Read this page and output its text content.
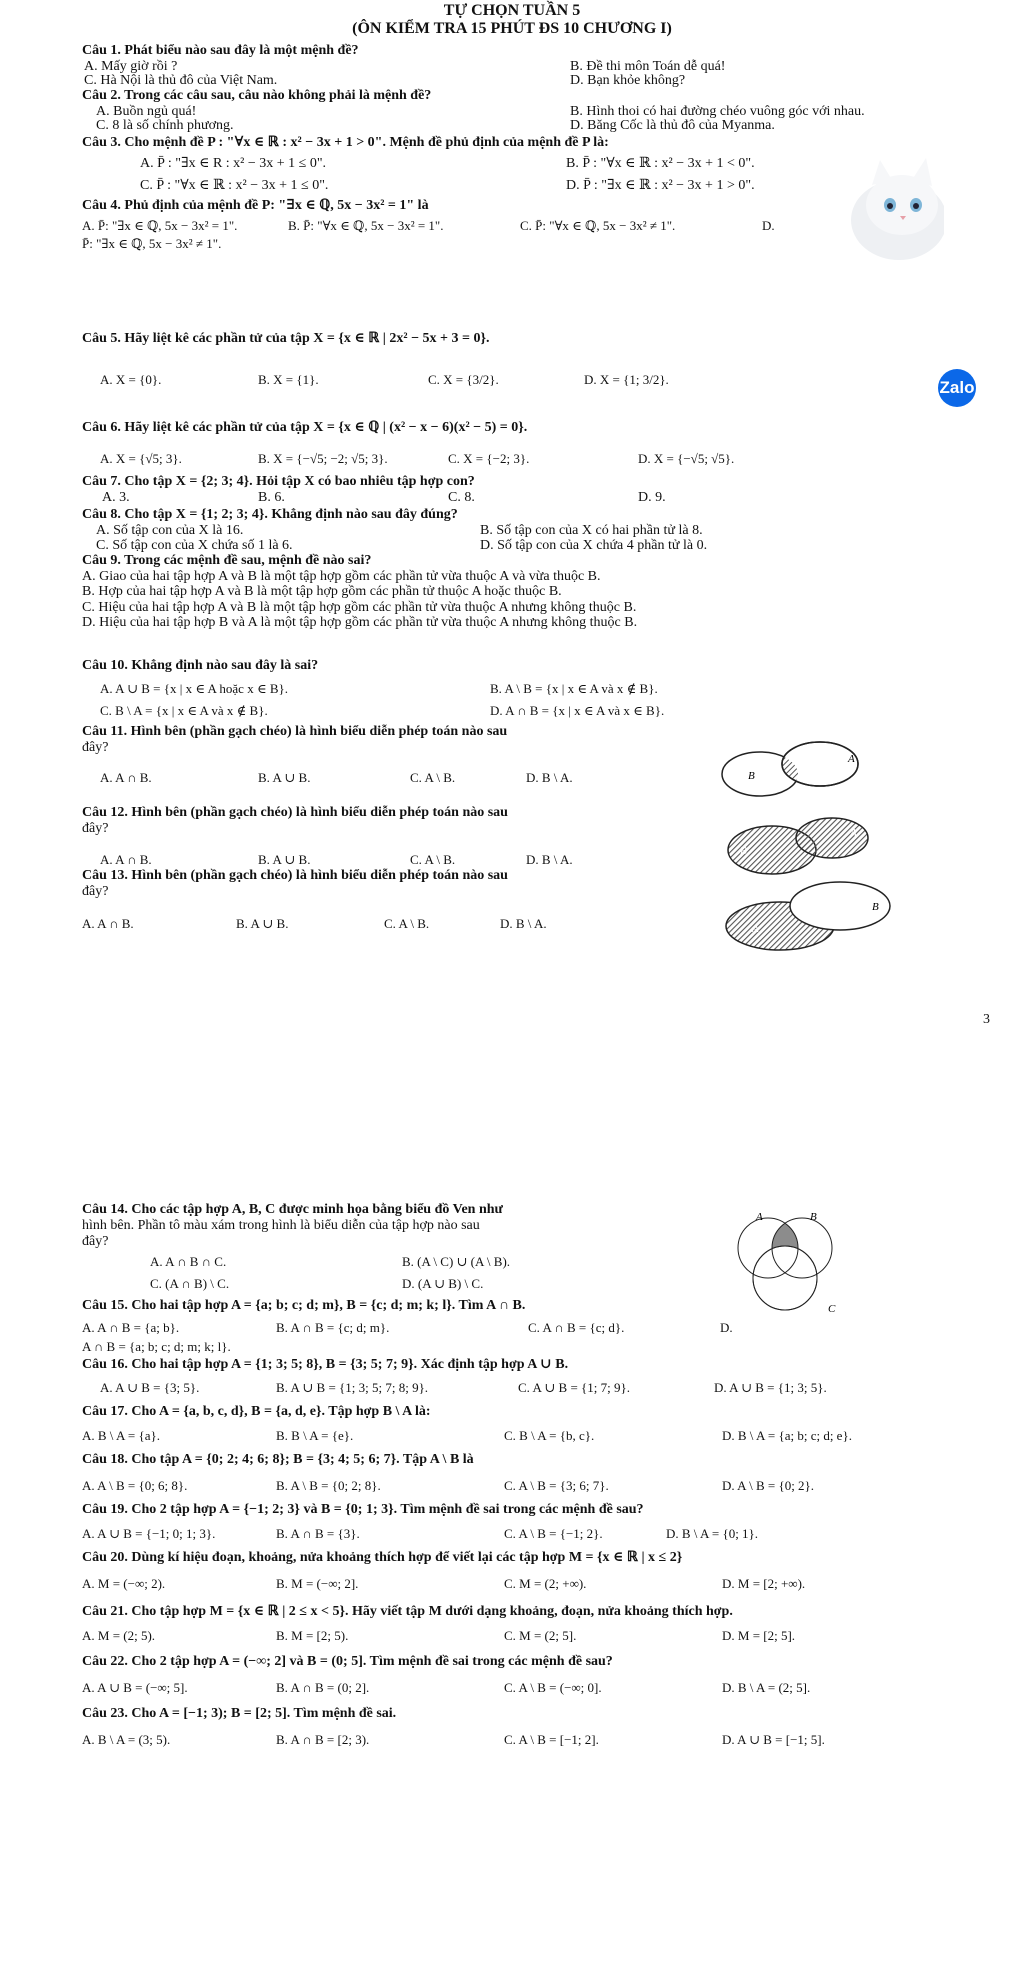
TỰ CHỌN TUẦN 5
(ÔN KIỂM TRA 15 PHÚT ĐS 10 CHƯƠNG I)
Câu 1. Phát biểu nào sau đây là một mệnh đề?
A. Mấy giờ rồi ?	B. Đề thi môn Toán dễ quá!
C. Hà Nội là thủ đô của Việt Nam.	D. Bạn khỏe không?
Câu 2. Trong các câu sau, câu nào không phải là mệnh đề?
A. Buồn ngủ quá!	B. Hình thoi có hai đường chéo vuông góc với nhau.
C. 8 là số chính phương.	D. Băng Cốc là thủ đô của Myanma.
Câu 3. Cho mệnh đề P : "∀x ∈ ℝ : x² − 3x + 1 > 0". Mệnh đề phủ định của mệnh đề P là:
A. P̄ : "∃x ∈ R : x² − 3x + 1 ≤ 0".	B. P̄ : "∀x ∈ ℝ : x² − 3x + 1 < 0".
C. P̄ : "∀x ∈ ℝ : x² − 3x + 1 ≤ 0".	D. P̄ : "∃x ∈ ℝ : x² − 3x + 1 > 0".
Câu 4. Phủ định của mệnh đề P: "∃x ∈ ℚ, 5x − 3x² = 1" là
A. P̄: "∃x ∈ ℚ, 5x − 3x² = 1".	B. P̄: "∀x ∈ ℚ, 5x − 3x² = 1".	C. P̄: "∀x ∈ ℚ, 5x − 3x² ≠ 1".	D.
P̄: "∃x ∈ ℚ, 5x − 3x² ≠ 1".
Câu 5. Hãy liệt kê các phần tử của tập X = {x ∈ ℝ | 2x² − 5x + 3 = 0}.
A. X = {0}.	B. X = {1}.	C. X = {3/2}.	D. X = {1; 3/2}.	Zalo
Câu 6. Hãy liệt kê các phần tử của tập X = {x ∈ ℚ | (x² − x − 6)(x² − 5) = 0}.
A. X = {√5; 3}.	B. X = {−√5; −2; √5; 3}.	C. X = {−2; 3}.	D. X = {−√5; √5}.
Câu 7. Cho tập X = {2; 3; 4}. Hỏi tập X có bao nhiêu tập hợp con?
A. 3.	B. 6.	C. 8.	D. 9.
Câu 8. Cho tập X = {1; 2; 3; 4}. Khẳng định nào sau đây đúng?
A. Số tập con của X là 16.	B. Số tập con của X có hai phần tử là 8.
C. Số tập con của X chứa số 1 là 6.	D. Số tập con của X chứa 4 phần tử là 0.
Câu 9. Trong các mệnh đề sau, mệnh đề nào sai?
A. Giao của hai tập hợp A và B là một tập hợp gồm các phần tử vừa thuộc A và vừa thuộc B.
B. Hợp của hai tập hợp A và B là một tập hợp gồm các phần tử thuộc A hoặc thuộc B.
C. Hiệu của hai tập hợp A và B là một tập hợp gồm các phần tử vừa thuộc A nhưng không thuộc B.
D. Hiệu của hai tập hợp B và A là một tập hợp gồm các phần tử vừa thuộc A nhưng không thuộc B.
Câu 10. Khẳng định nào sau đây là sai?
A. A ∪ B = {x | x ∈ A hoặc x ∈ B}.	B. A \ B = {x | x ∈ A và x ∉ B}.
C. B \ A = {x | x ∈ A và x ∉ B}.	D. A ∩ B = {x | x ∈ A và x ∈ B}.
Câu 11. Hình bên (phần gạch chéo) là hình biểu diễn phép toán nào sau
đây?
A. A ∩ B.	B. A ∪ B.	C. A \ B.	D. B \ A.	B
A
Câu 12. Hình bên (phần gạch chéo) là hình biểu diễn phép toán nào sau
đây?
A. A ∩ B.	B. A ∪ B.	C. A \ B.	D. B \ A.
B
A
Câu 13. Hình bên (phần gạch chéo) là hình biểu diễn phép toán nào sau
đây?
A. A ∩ B.	B. A ∪ B.	C. A \ B.	D. B \ A.	A
B
3
Câu 14. Cho các tập hợp A, B, C được minh họa bằng biểu đồ Ven như
hình bên. Phần tô màu xám trong hình là biểu diễn của tập hợp nào sau
đây?
A. A ∩ B ∩ C.	B. (A \ C) ∪ (A \ B).
C. (A ∩ B) \ C.	D. (A ∪ B) \ C.
A	B
C
Câu 15. Cho hai tập hợp A = {a; b; c; d; m}, B = {c; d; m; k; l}. Tìm A ∩ B.
A. A ∩ B = {a; b}.	B. A ∩ B = {c; d; m}.	C. A ∩ B = {c; d}.	D.
A ∩ B = {a; b; c; d; m; k; l}.
Câu 16. Cho hai tập hợp A = {1; 3; 5; 8}, B = {3; 5; 7; 9}. Xác định tập hợp A ∪ B.
A. A ∪ B = {3; 5}.	B. A ∪ B = {1; 3; 5; 7; 8; 9}.	C. A ∪ B = {1; 7; 9}.	D. A ∪ B = {1; 3; 5}.
Câu 17. Cho A = {a, b, c, d}, B = {a, d, e}. Tập hợp B \ A là:
A. B \ A = {a}.	B. B \ A = {e}.	C. B \ A = {b, c}.	D. B \ A = {a; b; c; d; e}.
Câu 18. Cho tập A = {0; 2; 4; 6; 8}; B = {3; 4; 5; 6; 7}. Tập A \ B là
A. A \ B = {0; 6; 8}.	B. A \ B = {0; 2; 8}.	C. A \ B = {3; 6; 7}.	D. A \ B = {0; 2}.
Câu 19. Cho 2 tập hợp A = {−1; 2; 3} và B = {0; 1; 3}. Tìm mệnh đề sai trong các mệnh đề sau?
A. A ∪ B = {−1; 0; 1; 3}.	B. A ∩ B = {3}.	C. A \ B = {−1; 2}.	D. B \ A = {0; 1}.
Câu 20. Dùng kí hiệu đoạn, khoảng, nửa khoảng thích hợp để viết lại các tập hợp M = {x ∈ ℝ | x ≤ 2}
A. M = (−∞; 2).	B. M = (−∞; 2].	C. M = (2; +∞).	D. M = [2; +∞).
Câu 21. Cho tập hợp M = {x ∈ ℝ | 2 ≤ x < 5}. Hãy viết tập M dưới dạng khoảng, đoạn, nửa khoảng thích hợp.
A. M = (2; 5).	B. M = [2; 5).	C. M = (2; 5].	D. M = [2; 5].
Câu 22. Cho 2 tập hợp A = (−∞; 2] và B = (0; 5]. Tìm mệnh đề sai trong các mệnh đề sau?
A. A ∪ B = (−∞; 5].	B. A ∩ B = (0; 2].	C. A \ B = (−∞; 0].	D. B \ A = (2; 5].
Câu 23. Cho A = [−1; 3); B = [2; 5]. Tìm mệnh đề sai.
A. B \ A = (3; 5).	B. A ∩ B = [2; 3).	C. A \ B = [−1; 2].	D. A ∪ B = [−1; 5].
